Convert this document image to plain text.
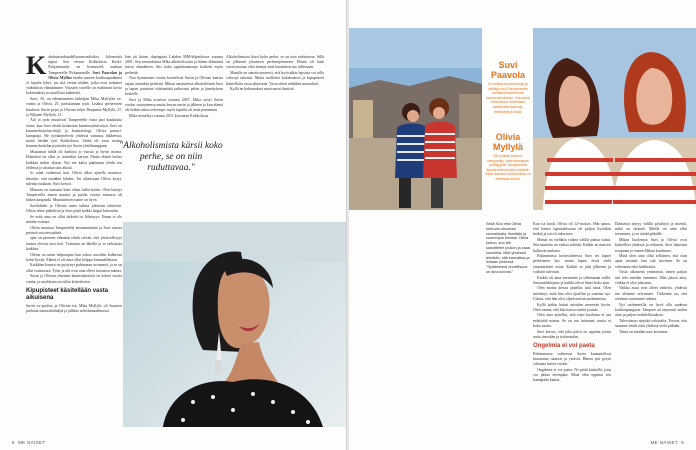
K aksinattaukaudellyonmontikakai kilometriä tapiat. Sen verran Kokkolasta Keski-Pohjanmaalta on lisenssiteli matkan Tampereelle Pirkanmaalle. Suvi Paavolan ja Olivia Myllän matka sanoen kotikaupunkeina ol lopulta lyhyt, jos sitä vertaa näiden, jotka ovat tuttaneet vaikeuksia elämäämme. Vuosien varrelle on mahtunut kovia kokemuksia ja suruillisia käänteitä.

Suvi, 36, on edesmenneen hiihtäjän Mika Myllylän ex-vaimo ja Olivia, 25, pariskunnan tytär. Lisäksi perheeseen kuuluvat Suvin pojat ja Olivian veljet Benjamin Myllylä, 27, ja Wiljami Myllylä, 21.

Äiti ja tytär muuttivat Tampereelle vasta pari kuukautta sitten, kun Suvi aloitti keskustan kauneusyhteisössä. Suvi on kauneushoitolayrittäjä ja kosmetologi, Olivia parturi-kampaaja. He työskentelevät yhdessä samassa liikkeessä, mutta heidän tytö Kokkolassa. Sieltä oli vaan nousta kauneushoitolaa pyörittää nyt Suvin yhtiökumppani.

Muutamat täällä oli harkittu jo vuosia ja hyvin monia. Elämässä on ollut jo toisenkin kerran. Mutta elämä hoitaa kaikkea mihin ollaan. Nyt me kaksi päätimme tehdä sen yhdessä ja aloittaa taas alusta.

Jo siinä vaiheessa kun Olivia alkoi ajatella muuttoa, ilmoitin, että minäkin lähden. Tai oikeastaan Olivia kysyi, tulenko mukaan, Suvi kertoo.

Minusta on tuntunut kuin olisin tullut kotiin. Olen käynyt Tampereella ennen muutta ja puolet vuosia minussa oli tärkeä kaupunki. Muuttamisen tunne on hyvä.

Savilahden ja Olivian sama tulkita yhteisiin tehtäviin. Olivia tekee päätöksiä ja Suvi pitää kaikki langat käsissään.

Se mitä aina on ollut tärkeää on läheisyys. Ilman ei ole mitään voimaa.

Olivia muuttaa Tampereella ensimmäisenä ja Suvi seuraa perässä vuosien päästä.

ajan on pieneen elämään tehdä selvää, että yhteisöllisyys tuntuu olevan uusi koti. Toiminta on lähellä ja se tarkoittaa kaikkea.

Oletus on usein helpompaa kun uskoo asioiden kulkevan kohti hyvää. Elämä ei ole aina ollut helppo kummallekaan.

Kaikkien kanssa on pystynyt puhumaan avoimesti, ja se on ollut voimavara. Tytär ja äiti ovat aina olleet toistensa tukena.

Suvin ja Olivian yhteinen kauneushoitola on kolme vuotta vanha, ja asiakkaita on tullut kiitettävästi.

Kipupisteet käsitellään vasta aikuisena

Suvin ex-puoliso ja Olivian isä, Mika Myllylä, oli Suomen parhaita maastohiihtäjiä ja julkkis urheilumaailmassa.

hän jäi kiinni dopingista Lahden MM-kilpailuissa vuonna 2001. Sen seurauksena Mika alkoholisoitui ja hänen elämänsä laivui alamäkeen. Siis koko tapahtumasarja kosketti myös perhettä.

Nuo kymmenen vuotta koettelivat Suvin ja Olivian kanssa rajuin otteinkin perhettä. Mikan sairautensa alkoholismin Suvi ja lapset joutuivat väistämättä jatkuvasti pelon ja jännityksen keskelle.

Suvi ja Mika erosivat vuonna 2007. Mika syttyi Suvin vuoksi sairauteensa mutta kerran ensin ja jälkeen ja kun elämä oli hetken aikaa selvempi, myös lapsilla oli asiat paremmin.

Mika menehtyi vuonna 2011 kotonaan Kokkolassa.

"Alkoholismista kärsii koko perhe, se on niin ruduttavaa."

Alkoholismista kärsi koko perhe, se on niin ruduttavaa. Sillä on jälkensä jokaiseen perheenjäseneen. Elämä oli kuin vuoristorataa, eikä tiennyt mitä huominen tuo tullessaan.

Minulle on sanottu monesti, että hyvistäkin lapsista voi tulla vahvoja aikuisia. Mutta tuollaiset kokemukset ja kipupisteet käsitellään vasta aikuisena. Vasta sitten nähdään seuraukset.

Kyllä ne kokemukset muovaavat ihmistä.

8 ME NAISET
Suvi Paavola
ei voittaa kosmetologi ja yrittäjä sivu Tampereelle suvitistä itsellemme kauneushoitolan. Kauneus hoitolassa hoidetaan asiakkaita kasvoja, meikkejä ja lisää.
Olivia Myllylä
25-vuotias parturi-kampaaja, rakentamassa yrittäjyyttä Tampereella kauneudenhoidon piirissä. Äidin kanssa työskentely on antoisaa arkea.
Sekä Suvi että Olivia kertovat olevansa voimakkaita, itsellään ja suurempia ihmisiä. Olivia kertoo, kun äiti sanoittelee joukon ja osaa kuuntella. Mitä yhdessä tehdään, sitä kannattaa ja iloitaan yhdessä. "Sydämessä onnellisuus on aina kotona."

Kun isä kuoli, Olivia oli 12-vuotias. Hän sanoo, että hänen lapsuudessaan oli paljon hyviäkin hetkiä ja isä oli rakastava.

Minun on vieläkin vaikea välillä puhua isästä. Sitä tunnetta on vaikea selittää. Kaikki ne muistot kulkevat mukana.

Pahimmassa kriisivaiheessa Suvi vei lapset perheineen luo, mutta lapset eivät vielä ymmärtäneet asiaa. Kaikki se jätti jälkensä ja vaikutti tulevaan.

Kaikki oli aina enemmän ja vähemmän esillä. Sanomalehtijutut ja kaikki olivat läsnä koko ajan.

Olen monta kertaa ajatellut isää tässä. Olen miettinyt, mitä hän olisi ajatellut ja sanonut nyt. Uskon, että hän olisi ylpeä meistä molemmista.

Kyllä isäkin halusi asioiden menevän hyvin. Olen varma, että hän katsoo meitä jostain.

Olen aina ajatellut, että isäni kuolema ei saa määrittää minua. Se on osa tarinaani, mutta ei koko tarina.

Suvi kertoo, että joka päivä on oppinut jotain uutta itsestään ja tyttärestään.

Ongelmia ei voi paeta

Pahimmassa vaiheessa Suvia kannattelivat muutamat tuttavat ja ystävät. Hänen piti pysyä vahvana lasten vuoksi.

Ongelmia ei voi paeta. Ne pitää käsitellä, jotta voi jatkaa eteenpäin. Minä olen oppinut sen kantapään kautta.

Elämässä täytyy välillä pysähtyä ja miettiä, mikä on tärkeää. Meillä on aina ollut toisemme, ja se riittää pitkälle.

Mikan kuolemaa Suvi ja Olivia ovat käsitelleet yhdessä ja erikseen. Suvi hakeutui terapiaan jo ennen Mikan kuolemaa.

Minä olen aina ollut sellainen, että otan apua vastaan, kun sitä tarvitsen. Se on vahvuutta eikä heikkoutta.

Vasta aikuisena ymmärsin, miten paljon äiti teki meidän eteemme. Hän jaksoi aina, vaikka ei olisi jaksanut.

Vaikka asiat ovat olleet vaikeita, yhdessä me olemme selvinneet. Tärkeintä on, että olemme toistemme tukena.

Nyt molemmilla on hyvä olla uudessa kotikaupungissa. Tampere on tarjonnut uuden alun ja paljon mahdollisuuksia.

Tulevaisuus näyttää valoisalta. Toivon, että saamme tehdä töitä yhdessä vielä pitkään.

Tämä on meidän uusi kotimme.

ME NAISET 9
